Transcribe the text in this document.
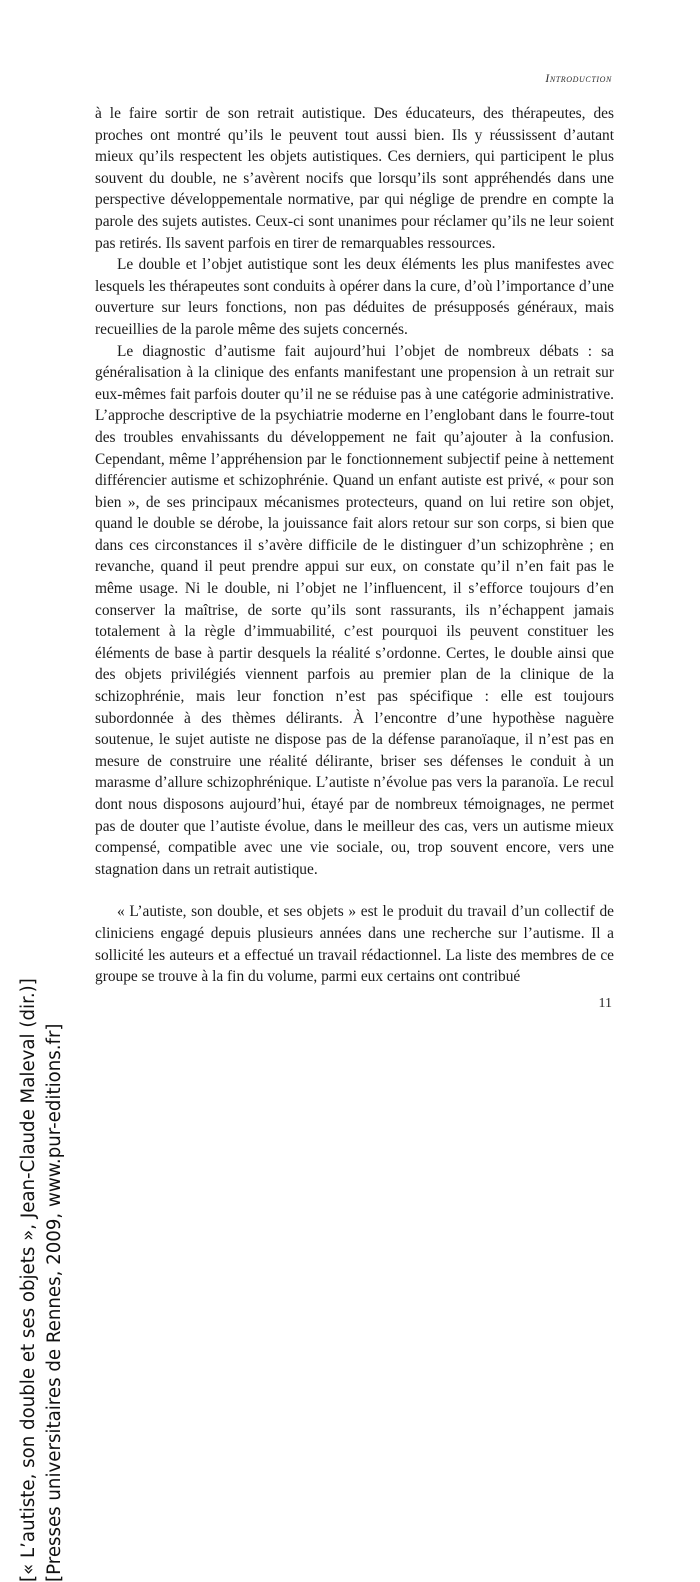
Introduction

à le faire sortir de son retrait autistique. Des éducateurs, des thérapeutes, des proches ont montré qu’ils le peuvent tout aussi bien. Ils y réussissent d’autant mieux qu’ils respectent les objets autistiques. Ces derniers, qui participent le plus souvent du double, ne s’avèrent nocifs que lorsqu’ils sont appréhendés dans une perspective développementale normative, par qui néglige de prendre en compte la parole des sujets autistes. Ceux-ci sont unanimes pour réclamer qu’ils ne leur soient pas retirés. Ils savent parfois en tirer de remarquables ressources.

Le double et l’objet autistique sont les deux éléments les plus manifestes avec lesquels les thérapeutes sont conduits à opérer dans la cure, d’où l’importance d’une ouverture sur leurs fonctions, non pas déduites de présupposés généraux, mais recueillies de la parole même des sujets concernés.

Le diagnostic d’autisme fait aujourd’hui l’objet de nombreux débats : sa généralisation à la clinique des enfants manifestant une propension à un retrait sur eux-mêmes fait parfois douter qu’il ne se réduise pas à une catégorie administrative. L’approche descriptive de la psychiatrie moderne en l’englobant dans le fourre-tout des troubles envahissants du développement ne fait qu’ajouter à la confusion. Cependant, même l’appréhension par le fonctionnement subjectif peine à nettement différencier autisme et schizophrénie. Quand un enfant autiste est privé, « pour son bien », de ses principaux mécanismes protecteurs, quand on lui retire son objet, quand le double se dérobe, la jouissance fait alors retour sur son corps, si bien que dans ces circonstances il s’avère difficile de le distinguer d’un schizophrène ; en revanche, quand il peut prendre appui sur eux, on constate qu’il n’en fait pas le même usage. Ni le double, ni l’objet ne l’influencent, il s’efforce toujours d’en conserver la maîtrise, de sorte qu’ils sont rassurants, ils n’échappent jamais totalement à la règle d’immuabilité, c’est pourquoi ils peuvent constituer les éléments de base à partir desquels la réalité s’ordonne. Certes, le double ainsi que des objets privilégiés viennent parfois au premier plan de la clinique de la schizophrénie, mais leur fonction n’est pas spécifique : elle est toujours subordonnée à des thèmes délirants. À l’encontre d’une hypothèse naguère soutenue, le sujet autiste ne dispose pas de la défense paranoïaque, il n’est pas en mesure de construire une réalité délirante, briser ses défenses le conduit à un marasme d’allure schizophrénique. L’autiste n’évolue pas vers la paranoïa. Le recul dont nous disposons aujourd’hui, étayé par de nombreux témoignages, ne permet pas de douter que l’autiste évolue, dans le meilleur des cas, vers un autisme mieux compensé, compatible avec une vie sociale, ou, trop souvent encore, vers une stagnation dans un retrait autistique.

« L’autiste, son double, et ses objets » est le produit du travail d’un collectif de cliniciens engagé depuis plusieurs années dans une recherche sur l’autisme. Il a sollicité les auteurs et a effectué un travail rédactionnel. La liste des membres de ce groupe se trouve à la fin du volume, parmi eux certains ont contribué

11
[« L’autiste, son double et ses objets », Jean-Claude Maleval (dir.)] [Presses universitaires de Rennes, 2009, www.pur-editions.fr]
